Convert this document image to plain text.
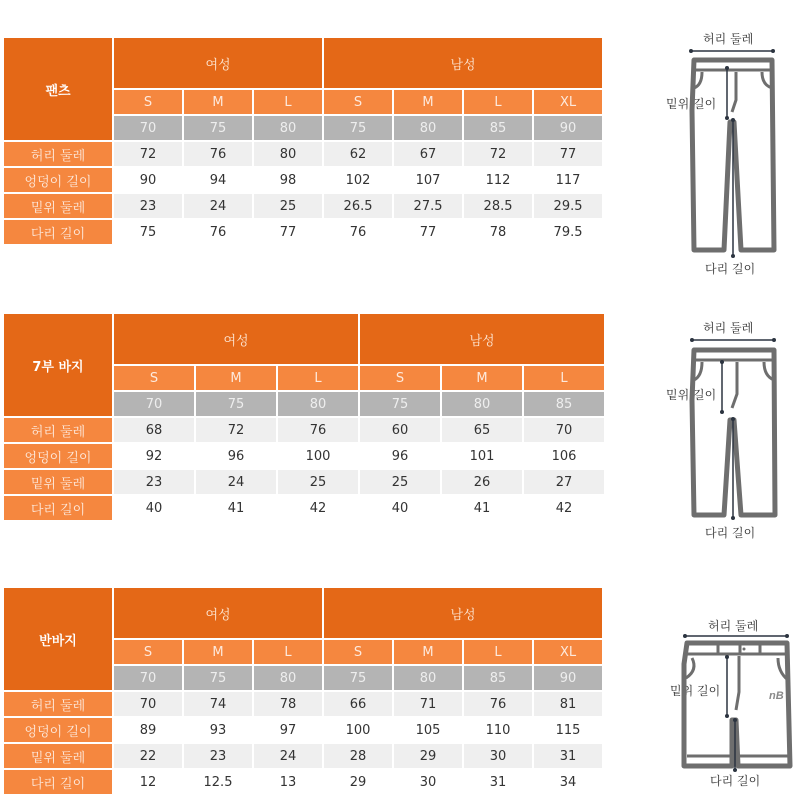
팬츠	여성			남성			
	S	M	L	S	M	L	XL
	70	75	80	75	80	85	90
허리 둘레	72	76	80	62	67	72	77
엉덩이 길이	90	94	98	102	107	112	117
밑위 둘레	23	24	25	26.5	27.5	28.5	29.5
다리 길이	75	76	77	76	77	78	79.5
7부 바지	여성			남성		
	S	M	L	S	M	L
	70	75	80	75	80	85
허리 둘레	68	72	76	60	65	70
엉덩이 길이	92	96	100	96	101	106
밑위 둘레	23	24	25	25	26	27
다리 길이	40	41	42	40	41	42
반바지	여성			남성			
	S	M	L	S	M	L	XL
	70	75	80	75	80	85	90
허리 둘레	70	74	78	66	71	76	81
엉덩이 길이	89	93	97	100	105	110	115
밑위 둘레	22	23	24	28	29	30	31
다리 길이	12	12.5	13	29	30	31	34
허리 둘레
밑위 길이
다리 길이
허리 둘레
밑위 길이
다리 길이
허리 둘레
밑위 길이
다리 길이
nB
